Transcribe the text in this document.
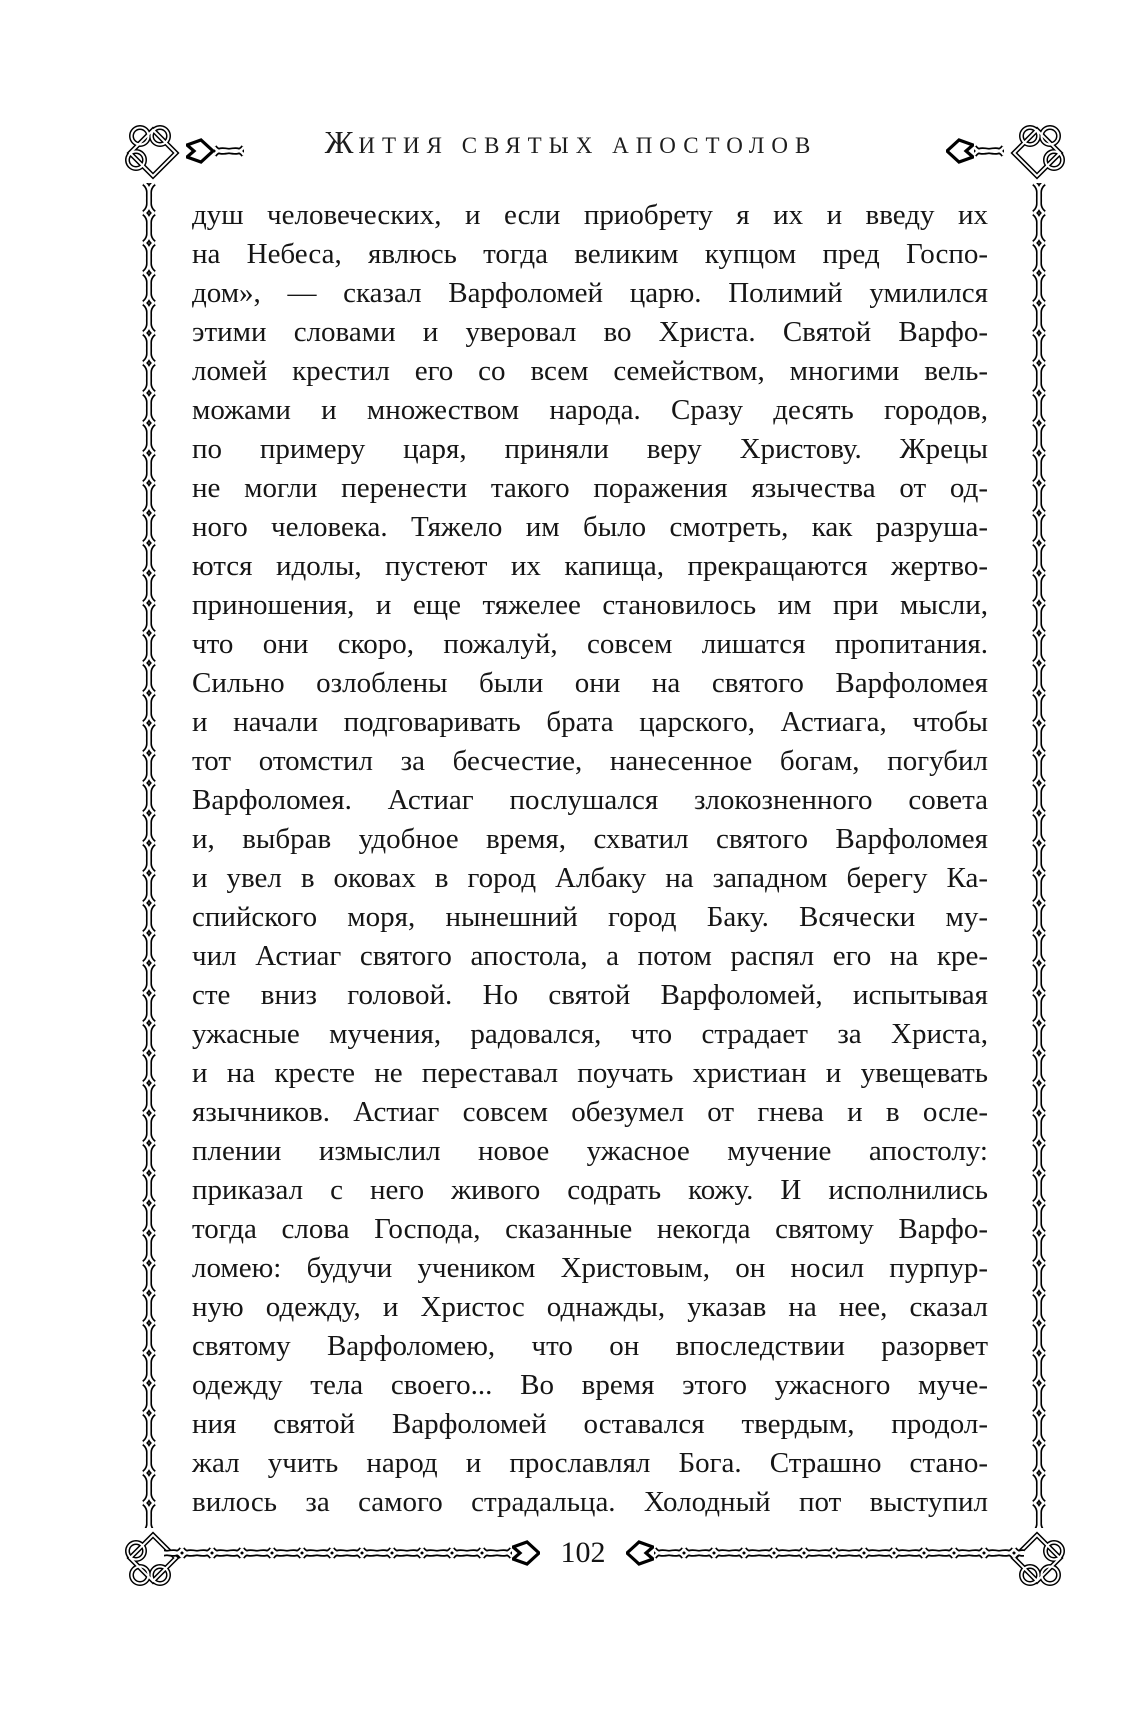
ЖИТИЯ СВЯТЫХ АПОСТОЛОВ
душ человеческих, и если приобрету я их и введу их
на Небеса, явлюсь тогда великим купцом пред Госпо-
дом», — сказал Варфоломей царю. Полимий умилился
этими словами и уверовал во Христа. Святой Варфо-
ломей крестил его со всем семейством, многими вель-
можами и множеством народа. Сразу десять городов,
по примеру царя, приняли веру Христову. Жрецы
не могли перенести такого поражения язычества от од-
ного человека. Тяжело им было смотреть, как разруша-
ются идолы, пустеют их капища, прекращаются жертво-
приношения, и еще тяжелее становилось им при мысли,
что они скоро, пожалуй, совсем лишатся пропитания.
Сильно озлоблены были они на святого Варфоломея
и начали подговаривать брата царского, Астиага, чтобы
тот отомстил за бесчестие, нанесенное богам, погубил
Варфоломея. Астиаг послушался злокозненного совета
и, выбрав удобное время, схватил святого Варфоломея
и увел в оковах в город Албаку на западном берегу Ка-
спийского моря, нынешний город Баку. Всячески му-
чил Астиаг святого апостола, а потом распял его на кре-
сте вниз головой. Но святой Варфоломей, испытывая
ужасные мучения, радовался, что страдает за Христа,
и на кресте не переставал поучать христиан и увещевать
язычников. Астиаг совсем обезумел от гнева и в осле-
плении измыслил новое ужасное мучение апостолу:
приказал с него живого содрать кожу. И исполнились
тогда слова Господа, сказанные некогда святому Варфо-
ломею: будучи учеником Христовым, он носил пурпур-
ную одежду, и Христос однажды, указав на нее, сказал
святому Варфоломею, что он впоследствии разорвет
одежду тела своего... Во время этого ужасного муче-
ния святой Варфоломей оставался твердым, продол-
жал учить народ и прославлял Бога. Страшно стано-
вилось за самого страдальца. Холодный пот выступил
102
